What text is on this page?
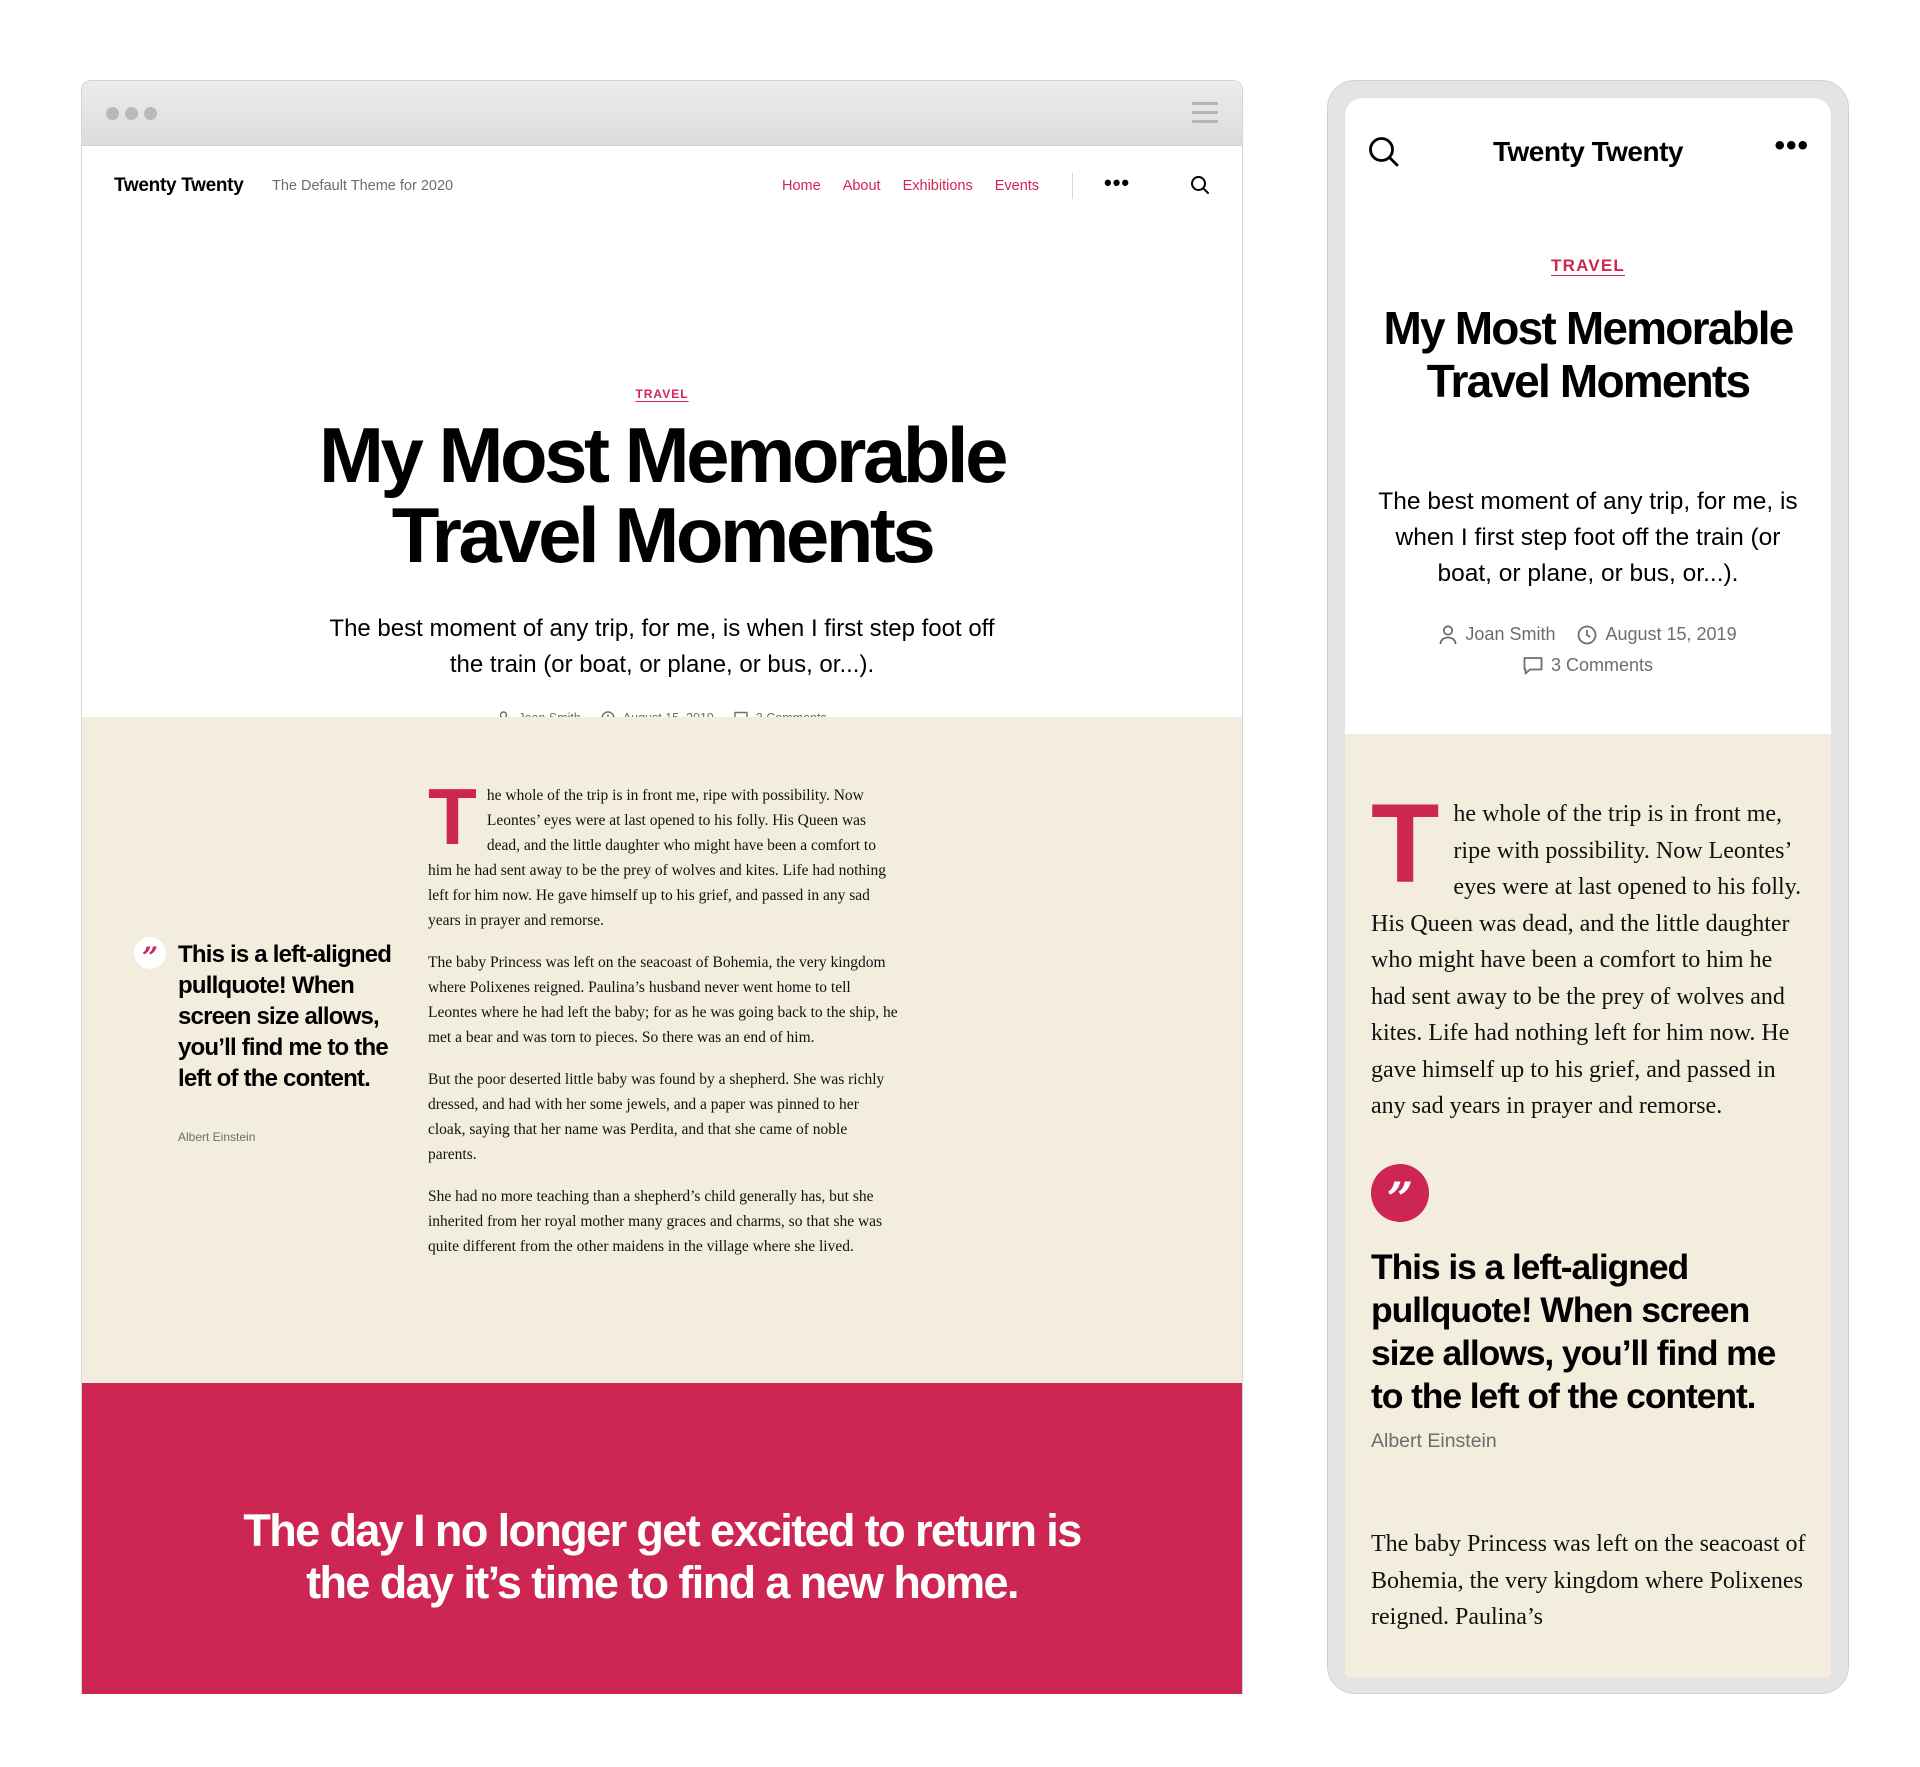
Twenty Twenty The Default Theme for 2020	Home About Exhibitions Events	•••
TRAVEL
My Most Memorable Travel Moments

The best moment of any trip, for me, is when I first step foot off the train (or boat, or plane, or bus, or...).

” This is a left-aligned pullquote! When screen size allows, you’ll find me to the left of the content.
Albert Einstein

The whole of the trip is in front me, ripe with possibility. Now Leontes’ eyes were at last opened to his folly. His Queen was dead, and the little daughter who might have been a comfort to him he had sent away to be the prey of wolves and kites. Life had nothing left for him now. He gave himself up to his grief, and passed in any sad years in prayer and remorse.

The baby Princess was left on the seacoast of Bohemia, the very kingdom where Polixenes reigned. Paulina’s husband never went home to tell Leontes where he had left the baby; for as he was going back to the ship, he met a bear and was torn to pieces. So there was an end of him.

But the poor deserted little baby was found by a shepherd. She was richly dressed, and had with her some jewels, and a paper was pinned to her cloak, saying that her name was Perdita, and that she came of noble parents.

She had no more teaching than a shepherd’s child generally has, but she inherited from her royal mother many graces and charms, so that she was quite different from the other maidens in the village where she lived.

The day I no longer get excited to return is the day it’s time to find a new home.
Twenty Twenty	•••
TRAVEL
My Most Memorable Travel Moments

The best moment of any trip, for me, is when I first step foot off the train (or boat, or plane, or bus, or...).

Joan Smith	August 15, 2019
3 Comments

The whole of the trip is in front me, ripe with possibility. Now Leontes’ eyes were at last opened to his folly. His Queen was dead, and the little daughter who might have been a comfort to him he had sent away to be the prey of wolves and kites. Life had nothing left for him now. He gave himself up to his grief, and passed in any sad years in prayer and remorse.

”
This is a left-aligned pullquote! When screen size allows, you’ll find me to the left of the content.
Albert Einstein

The baby Princess was left on the seacoast of Bohemia, the very kingdom where Polixenes reigned. Paulina’s
